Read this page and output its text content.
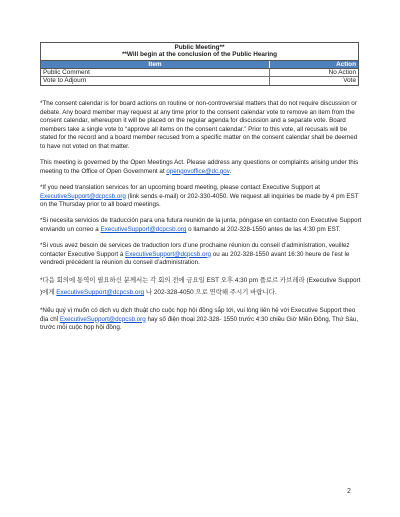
Public Meeting**
**Will begin at the conclusion of the Public Hearing
Item	Action
Public Comment	No Action
Vote to Adjourn	Vote

*The consent calendar is for board actions on routine or non-controversial matters that do not require discussion or debate. Any board member may request at any time prior to the consent calendar vote to remove an item from the consent calendar, whereupon it will be placed on the regular agenda for discussion and a separate vote. Board members take a single vote to “approve all items on the consent calendar.” Prior to this vote, all recusals will be stated for the record and a board member recused from a specific matter on the consent calendar shall be deemed to have not voted on that matter.

This meeting is governed by the Open Meetings Act. Please address any questions or complaints arising under this meeting to the Office of Open Government at opengovoffice@dc.gov.

*If you need translation services for an upcoming board meeting, please contact Executive Support at ExecutiveSupport@dcpcsb.org (link sends e-mail) or 202-330-4050. We request all inquiries be made by 4 pm EST on the Thursday prior to all board meetings.

*Si necesita servicios de traducción para una futura reunión de la junta, póngase en contacto con Executive Support enviando un correo a ExecutiveSupport@dcpcsb.org o llamando al 202-328-1550 antes de las 4:30 pm EST.

*Si vous avez besoin de services de traduction lors d’une prochaine réunion du conseil d’administration, veuillez contacter Executive Support à ExecutiveSupport@dcpcsb.org ou au 202-328-1550 avant 16:30 heure de l’est le vendredi précédent la réunion du conseil d’administration.

*다음 회의에 통역이 필요하신 분께서는 각 회의 전에 금요일 EST 오후 4:30 pm 플로르 카브레라 (Executive Support )에게 ExecutiveSupport@dcpcsb.org 나 202-328-4050 으로 연락해 주시기 바랍니다.

*Nếu quý vị muốn có dịch vụ dịch thuật cho cuộc họp hội đồng sắp tới, vui lòng liên hệ với Executive Support theo địa chỉ ExecutiveSupport@dcpcsb.org hay số điện thoại 202-328- 1550 trước 4:30 chiều Giờ Miền Đông, Thứ Sáu, trước mỗi cuộc họp hội đồng.

2
